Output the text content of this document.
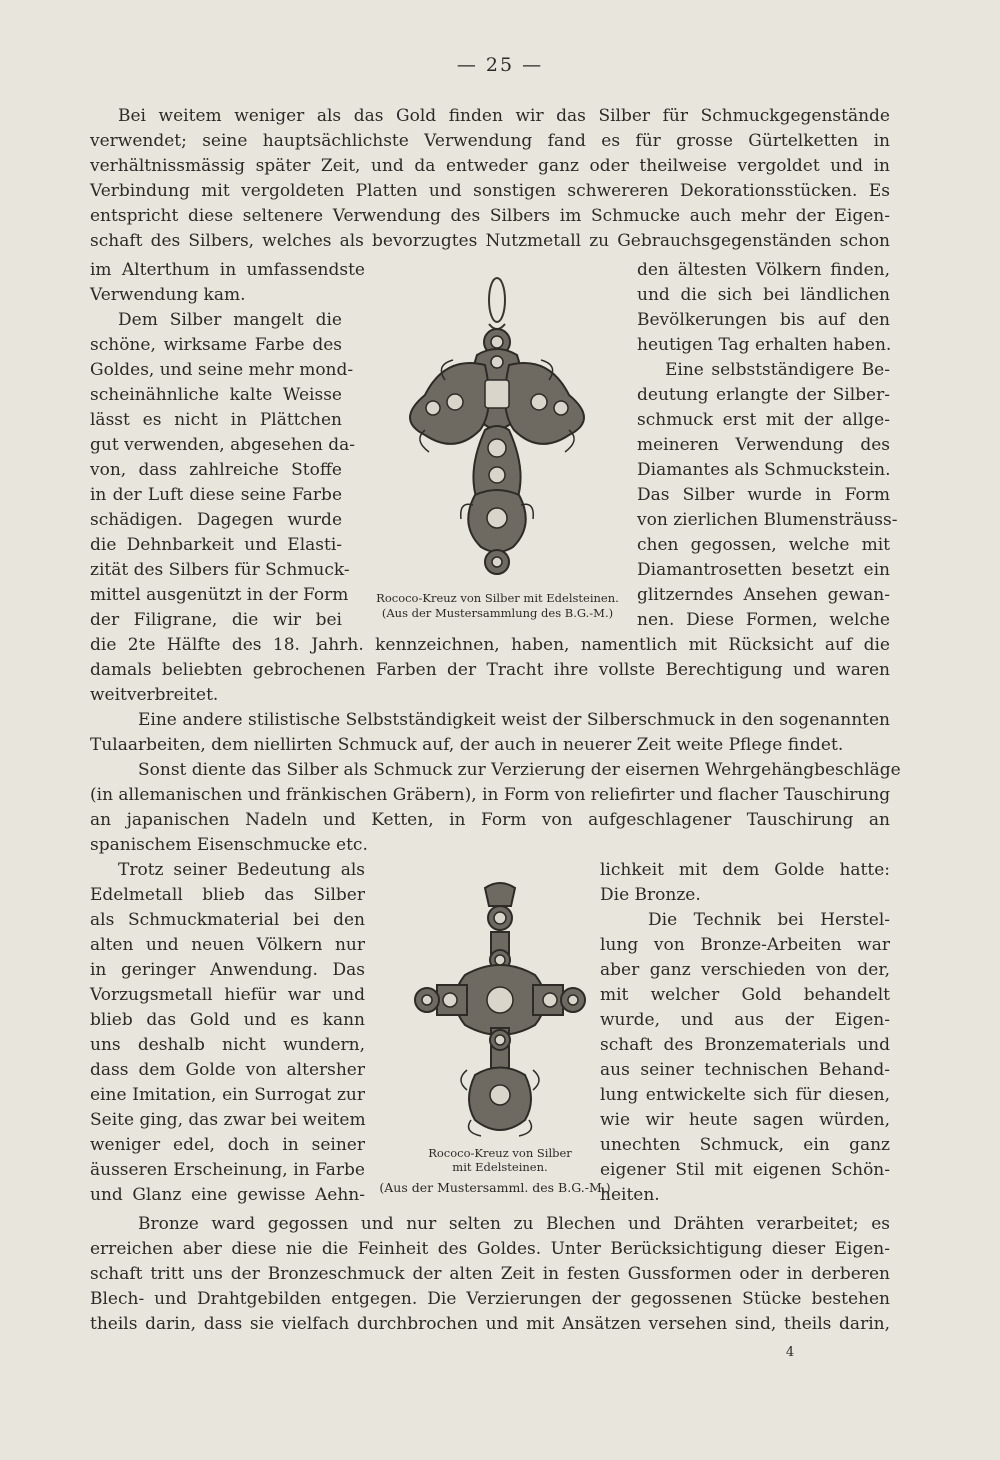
— 25 —
Bei weitem weniger als das Gold finden wir das Silber für Schmuckgegenstände
verwendet; seine hauptsächlichste Verwendung fand es für grosse Gürtelketten in
verhältnissmässig später Zeit, und da entweder ganz oder theilweise vergoldet und in
Verbindung mit vergoldeten Platten und sonstigen schwereren Dekorationsstücken. Es
entspricht diese seltenere Verwendung des Silbers im Schmucke auch mehr der Eigen-
schaft des Silbers, welches als bevorzugtes Nutzmetall zu Gebrauchsgegenständen schon
im Alterthum in umfassendste
Verwendung kam.
den ältesten Völkern finden,
und die sich bei ländlichen
Bevölkerungen bis auf den
heutigen Tag erhalten haben.
Dem Silber mangelt die
schöne, wirksame Farbe des
Goldes, und seine mehr mond-
scheinähnliche kalte Weisse
lässt es nicht in Plättchen
gut verwenden, abgesehen da-
von, dass zahlreiche Stoffe
in der Luft diese seine Farbe
schädigen. Dagegen wurde
die Dehnbarkeit und Elasti-
zität des Silbers für Schmuck-
mittel ausgenützt in der Form
der Filigrane, die wir bei
Eine selbstständigere Be-
deutung erlangte der Silber-
schmuck erst mit der allge-
meineren Verwendung des
Diamantes als Schmuckstein.
Das Silber wurde in Form
von zierlichen Blumensträuss-
chen gegossen, welche mit
Diamantrosetten besetzt ein
glitzerndes Ansehen gewan-
nen. Diese Formen, welche
die 2te Hälfte des 18. Jahrh. kennzeichnen, haben, namentlich mit Rücksicht auf die
damals beliebten gebrochenen Farben der Tracht ihre vollste Berechtigung und waren
weitverbreitet.
Eine andere stilistische Selbstständigkeit weist der Silberschmuck in den sogenannten
Tulaarbeiten, dem niellirten Schmuck auf, der auch in neuerer Zeit weite Pflege findet.
Sonst diente das Silber als Schmuck zur Verzierung der eisernen Wehrgehängbeschläge
(in allemanischen und fränkischen Gräbern), in Form von reliefirter und flacher Tauschirung
an japanischen Nadeln und Ketten, in Form von aufgeschlagener Tauschirung an
spanischem Eisenschmucke etc.
Trotz seiner Bedeutung als
Edelmetall blieb das Silber
als Schmuckmaterial bei den
alten und neuen Völkern nur
in geringer Anwendung. Das
Vorzugsmetall hiefür war und
blieb das Gold und es kann
uns deshalb nicht wundern,
dass dem Golde von altersher
eine Imitation, ein Surrogat zur
Seite ging, das zwar bei weitem
weniger edel, doch in seiner
äusseren Erscheinung, in Farbe
und Glanz eine gewisse Aehn-
lichkeit mit dem Golde hatte:
Die Bronze.
Die Technik bei Herstel-
lung von Bronze-Arbeiten war
aber ganz verschieden von der,
mit welcher Gold behandelt
wurde, und aus der Eigen-
schaft des Bronzematerials und
aus seiner technischen Behand-
lung entwickelte sich für diesen,
wie wir heute sagen würden,
unechten Schmuck, ein ganz
eigener Stil mit eigenen Schön-
heiten.
Bronze ward gegossen und nur selten zu Blechen und Drähten verarbeitet; es
erreichen aber diese nie die Feinheit des Goldes. Unter Berücksichtigung dieser Eigen-
schaft tritt uns der Bronzeschmuck der alten Zeit in festen Gussformen oder in derberen
Blech- und Drahtgebilden entgegen. Die Verzierungen der gegossenen Stücke bestehen
theils darin, dass sie vielfach durchbrochen und mit Ansätzen versehen sind, theils darin,
Rococo-Kreuz von Silber mit Edelsteinen.
(Aus der Mustersammlung des B.G.-M.)
Rococo-Kreuz von Silber
mit Edelsteinen.
(Aus der Mustersamml. des B.G.-M.)
4
